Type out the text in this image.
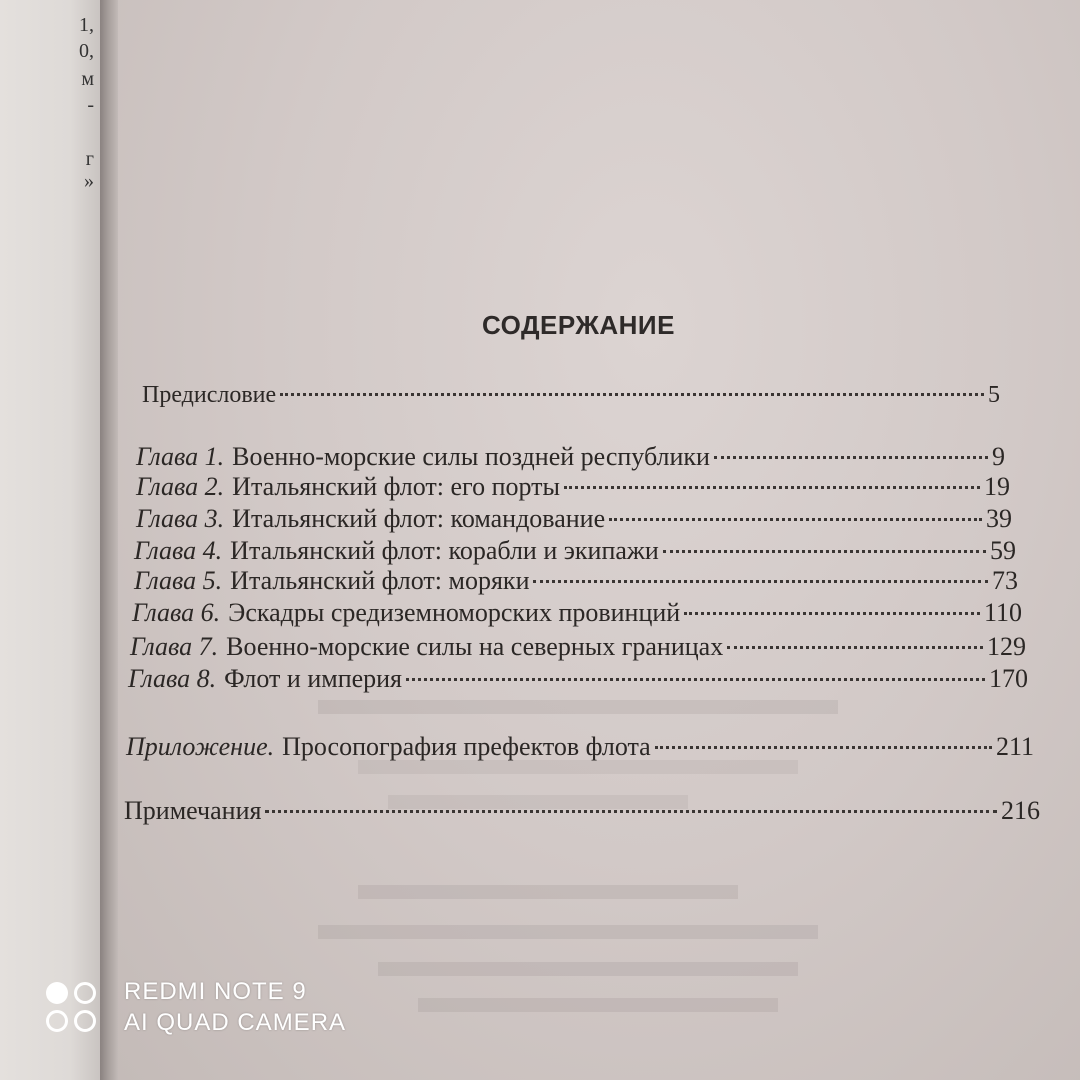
1,
0,
м
-
г
»
СОДЕРЖАНИЕ
Предисловие	5
Глава 1. Военно-морские силы поздней республики	9
Глава 2. Итальянский флот: его порты	19
Глава 3. Итальянский флот: командование	39
Глава 4. Итальянский флот: корабли и экипажи	59
Глава 5. Итальянский флот: моряки	73
Глава 6. Эскадры средиземноморских провинций	110
Глава 7. Военно-морские силы на северных границах	129
Глава 8. Флот и империя	170
Приложение. Просопография префектов флота	211
Примечания	216
REDMI NOTE 9
AI QUAD CAMERA
